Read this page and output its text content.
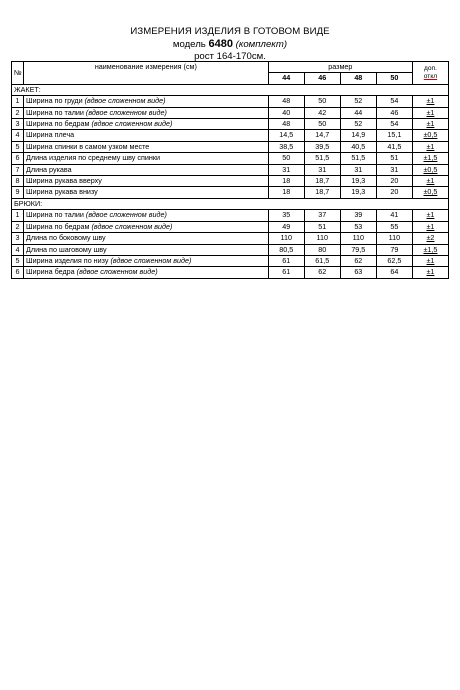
ИЗМЕРЕНИЯ ИЗДЕЛИЯ В ГОТОВОМ ВИДЕ
модель 6480 (комплект)
рост 164-170см.
№	наименование измерения (см)	размер				доп.
откл

		44	46	48	50	
ЖАКЕТ:						
1	Ширина по груди (вдвое сложенном виде)	48	50	52	54	±1
2	Ширина по талии (вдвое сложенном виде)	40	42	44	46	±1
3	Ширина по бедрам (вдвое сложенном виде)	48	50	52	54	±1
4	Ширина плеча	14,5	14,7	14,9	15,1	±0,5
5	Ширина спинки в самом узком месте	38,5	39,5	40,5	41,5	±1
6	Длина изделия по среднему шву спинки	50	51,5	51,5	51	±1,5
7	Длина рукава	31	31	31	31	±0,5
8	Ширина рукава вверху	18	18,7	19,3	20	±1
9	Ширина рукава внизу	18	18,7	19,3	20	±0,5
БРЮКИ:						
1	Ширина по талии (вдвое сложенном виде)	35	37	39	41	±1
2	Ширина по бедрам (вдвое сложенном виде)	49	51	53	55	±1
3	Длина по боковому шву	110	110	110	110	±2
4	Длина по шаговому шву	80,5	80	79,5	79	±1,5
5	Ширина изделия по низу (вдвое сложенном виде)	61	61,5	62	62,5	±1
6	Ширина бедра (вдвое сложенном виде)	61	62	63	64	±1
